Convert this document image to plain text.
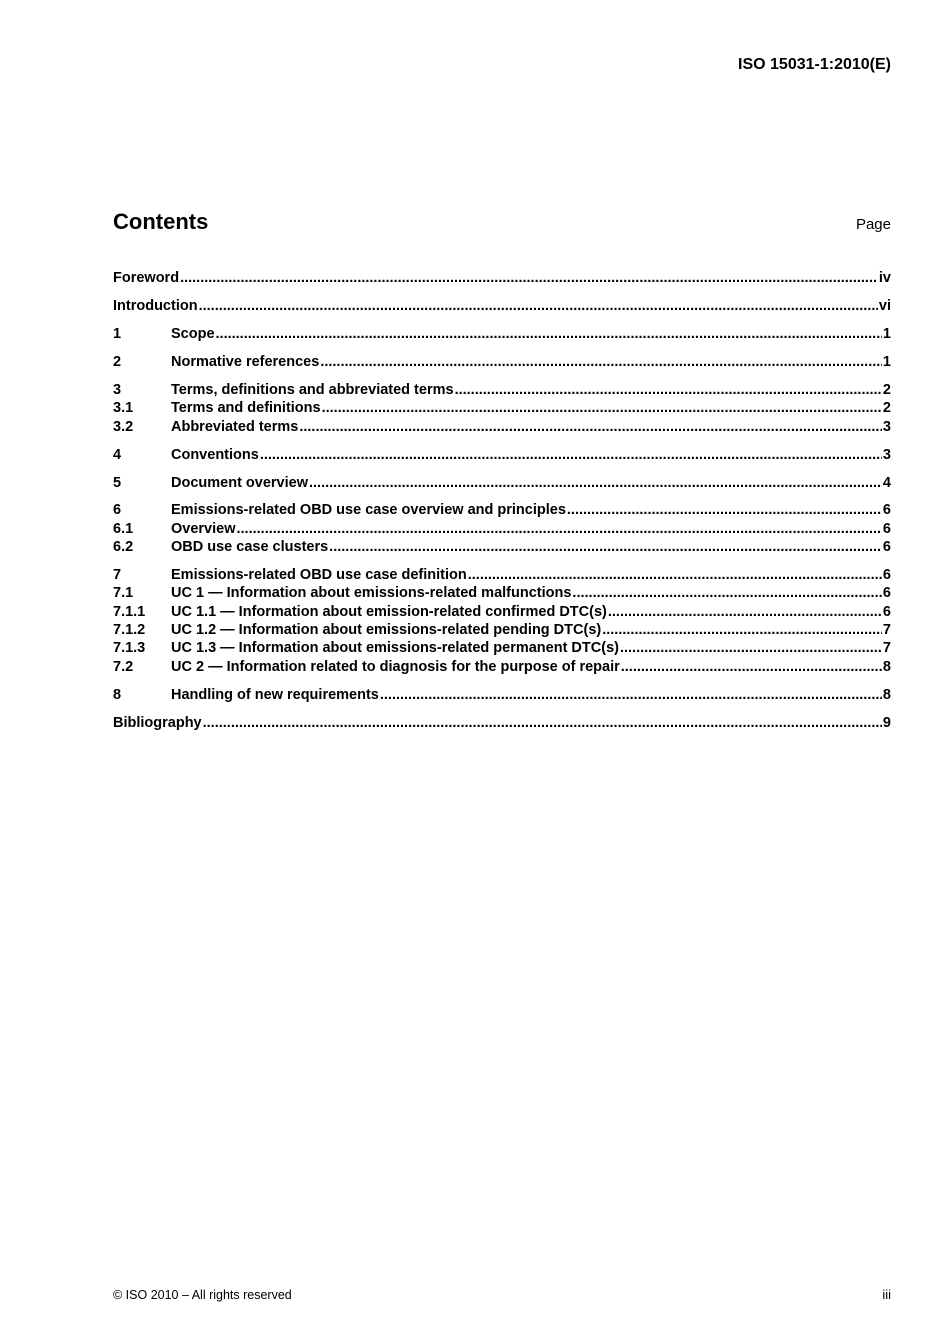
ISO 15031-1:2010(E)
Contents	Page
Foreword .....	iv
Introduction .....	vi
1	Scope .....	1
2	Normative references .....	1
3	Terms, definitions and abbreviated terms .....	2
3.1	Terms and definitions .....	2
3.2	Abbreviated terms .....	3
4	Conventions .....	3
5	Document overview .....	4
6	Emissions-related OBD use case overview and principles .....	6
6.1	Overview .....	6
6.2	OBD use case clusters .....	6
7	Emissions-related OBD use case definition .....	6
7.1	UC 1 — Information about emissions-related malfunctions .....	6
7.1.1	UC 1.1 — Information about emission-related confirmed DTC(s) .....	6
7.1.2	UC 1.2 — Information about emissions-related pending DTC(s) .....	7
7.1.3	UC 1.3 — Information about emissions-related permanent DTC(s) .....	7
7.2	UC 2 — Information related to diagnosis for the purpose of repair .....	8
8	Handling of new requirements .....	8
Bibliography .....	9
© ISO 2010 – All rights reserved	iii
